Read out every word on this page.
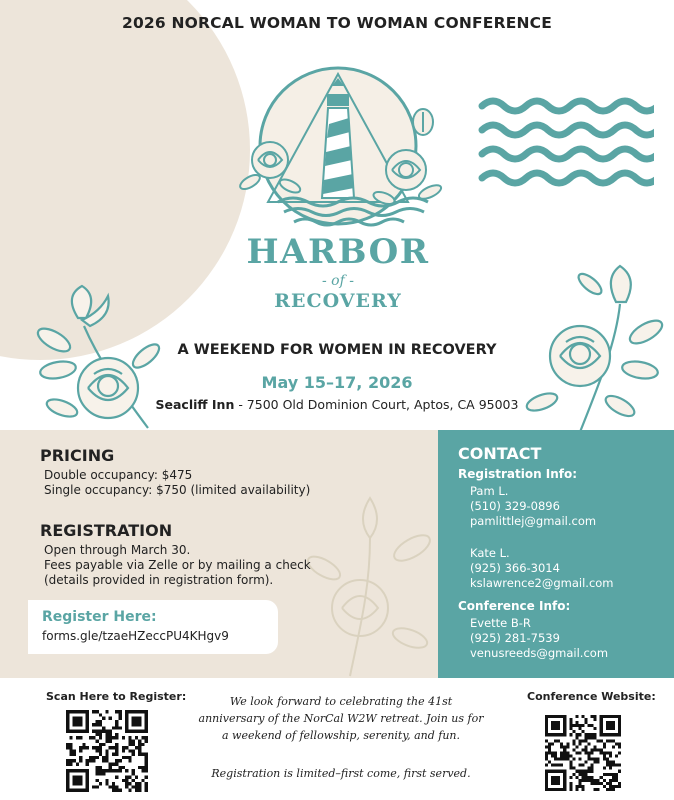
2026 NORCAL WOMAN TO WOMAN CONFERENCE
HARBOR
- of -
RECOVERY
A WEEKEND FOR WOMEN IN RECOVERY
May 15–17, 2026
Seacliff Inn - 7500 Old Dominion Court, Aptos, CA 95003
PRICING
Double occupancy: $475
Single occupancy: $750 (limited availability)
REGISTRATION
Open through March 30.
Fees payable via Zelle or by mailing a check
(details provided in registration form).
Register Here:
forms.gle/tzaeHZeccPU4KHgv9
CONTACT
Registration Info:
Pam L.
(510) 329-0896
pamlittlej@gmail.com
Kate L.
(925) 366-3014
kslawrence2@gmail.com
Conference Info:
Evette B-R
(925) 281-7539
venusreeds@gmail.com
Scan Here to Register:	Conference Website:
We look forward to celebrating the 41st anniversary of the NorCal W2W retreat. Join us for a weekend of fellowship, serenity, and fun.
Registration is limited–first come, first served.
